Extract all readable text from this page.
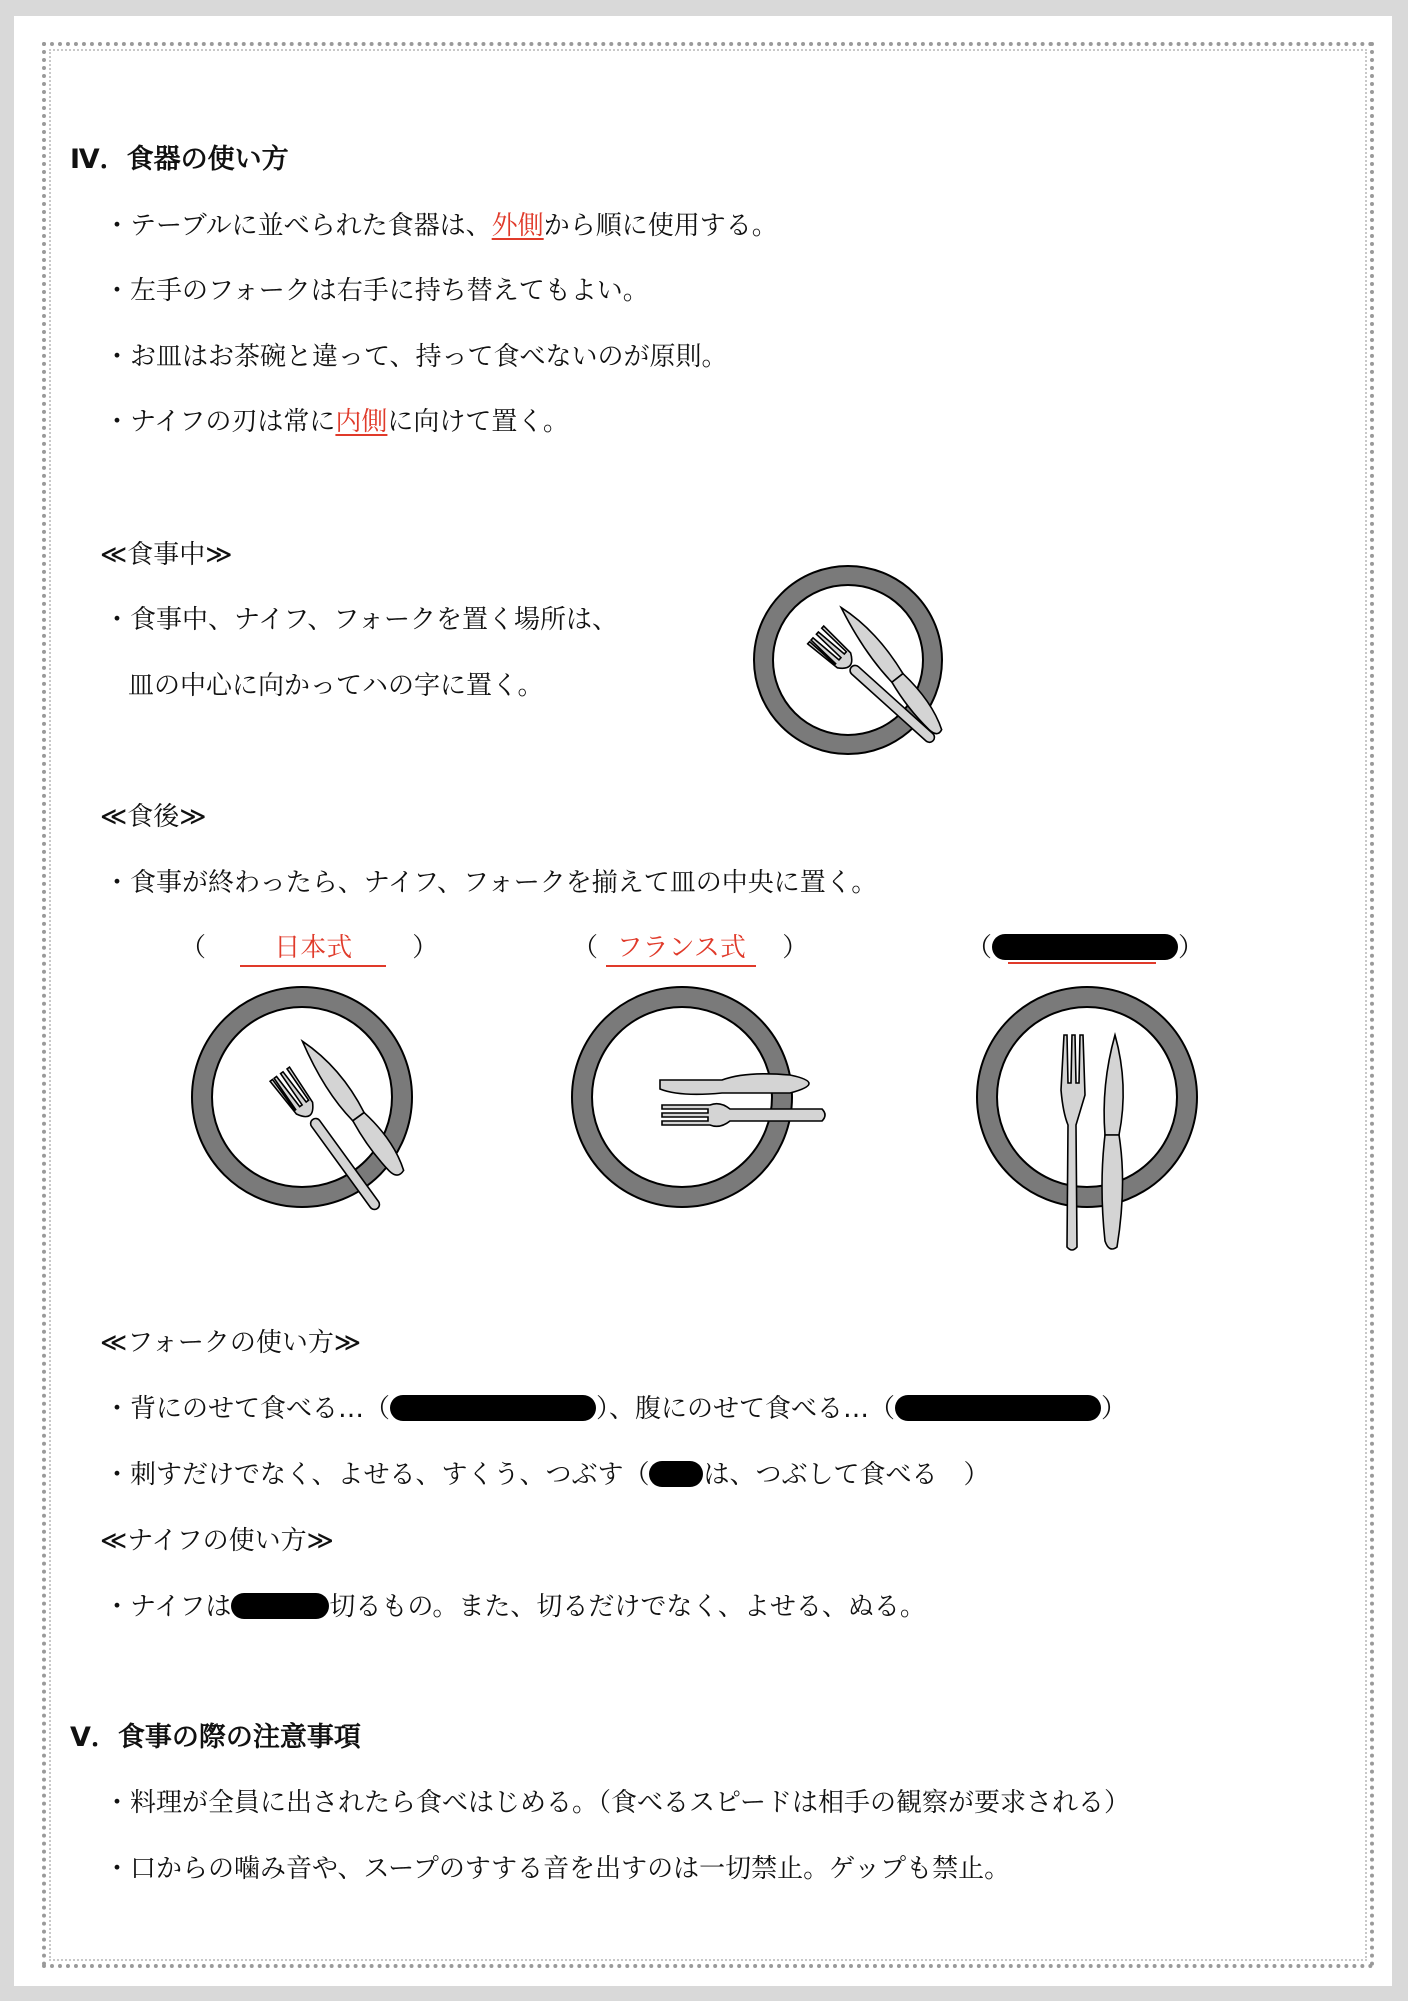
Ⅳ．食器の使い方
・テーブルに並べられた食器は、外側から順に使用する。
・左手のフォークは右手に持ち替えてもよい。
・お皿はお茶碗と違って、持って食べないのが原則。
・ナイフの刃は常に内側に向けて置く。
≪食事中≫
・食事中、ナイフ、フォークを置く場所は、
皿の中心に向かってハの字に置く。
≪食後≫
・食事が終わったら、ナイフ、フォークを揃えて皿の中央に置く。
（　	日本式　 ）	（ フランス式　 ）	（	）
≪フォークの使い方≫
・背にのせて食べる…（	）、腹にのせて食べる…（	）
・刺すだけでなく、よせる、すくう、つぶす（ は、つぶして食べる　）
≪ナイフの使い方≫
・ナイフは	切るもの。また、切るだけでなく、よせる、ぬる。
Ⅴ．食事の際の注意事項
・料理が全員に出されたら食べはじめる。（食べるスピードは相手の観察が要求される）
・口からの噛み音や、スープのすする音を出すのは一切禁止。ゲップも禁止。
